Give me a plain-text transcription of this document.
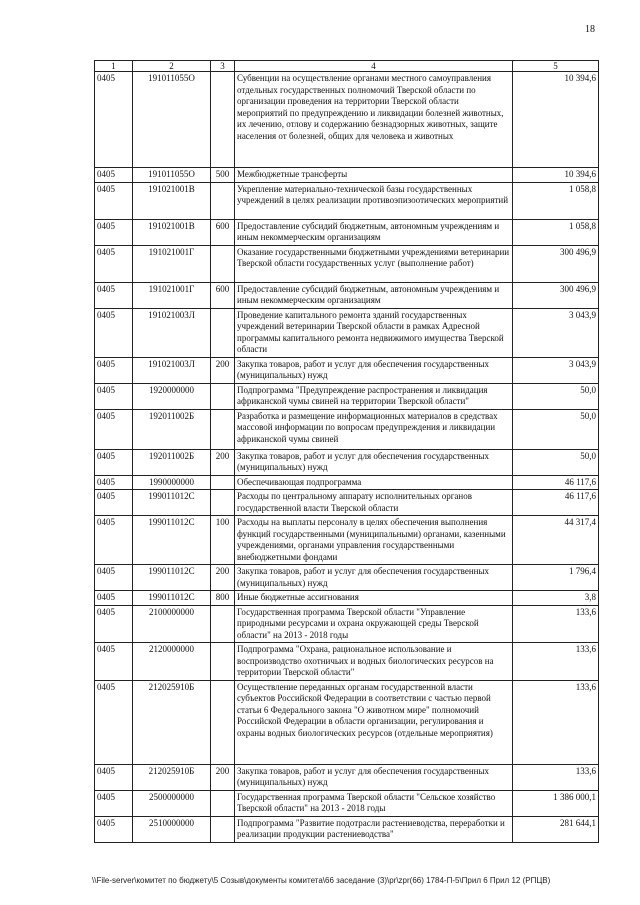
18
1	2	3	4	5
0405	191011055О		Субвенции на осуществление органами местного самоуправления отдельных государственных полномочий Тверской области по организации проведения на территории Тверской области мероприятий по предупреждению и ликвидации болезней животных, их лечению, отлову и содержанию безнадзорных животных, защите населения от болезней, общих для человека и животных	10 394,6
0405	191011055О	500	Межбюджетные трансферты	10 394,6
0405	191021001В		Укрепление материально-технической базы государственных учреждений в целях реализации противоэпизоотических мероприятий	1 058,8
0405	191021001В	600	Предоставление субсидий бюджетным, автономным учреждениям и иным некоммерческим организациям	1 058,8
0405	191021001Г		Оказание государственными бюджетными учреждениями ветеринарии Тверской области государственных услуг (выполнение работ)	300 496,9
0405	191021001Г	600	Предоставление субсидий бюджетным, автономным учреждениям и иным некоммерческим организациям	300 496,9
0405	191021003Л		Проведение капитального ремонта зданий государственных учреждений ветеринарии Тверской области в рамках Адресной программы капитального ремонта недвижимого имущества Тверской области	3 043,9
0405	191021003Л	200	Закупка товаров, работ и услуг для обеспечения государственных (муниципальных) нужд	3 043,9
0405	1920000000		Подпрограмма "Предупреждение распространения и ликвидация африканской чумы свиней на территории Тверской области"	50,0
0405	192011002Б		Разработка и размещение информационных материалов в средствах массовой информации по вопросам предупреждения и ликвидации африканской чумы свиней	50,0
0405	192011002Б	200	Закупка товаров, работ и услуг для обеспечения государственных (муниципальных) нужд	50,0
0405	1990000000		Обеспечивающая подпрограмма	46 117,6
0405	199011012С		Расходы по центральному аппарату исполнительных органов государственной власти Тверской области	46 117,6
0405	199011012С	100	Расходы на выплаты персоналу в целях обеспечения выполнения функций государственными (муниципальными) органами, казенными учреждениями, органами управления государственными внебюджетными фондами	44 317,4
0405	199011012С	200	Закупка товаров, работ и услуг для обеспечения государственных (муниципальных) нужд	1 796,4
0405	199011012С	800	Иные бюджетные ассигнования	3,8
0405	2100000000		Государственная программа Тверской области "Управление природными ресурсами и охрана окружающей среды Тверской области" на 2013 - 2018 годы	133,6
0405	2120000000		Подпрограмма "Охрана, рациональное использование и воспроизводство охотничьих и водных биологических ресурсов на территории Тверской области"	133,6
0405	212025910Б		Осуществление переданных органам государственной власти субъектов Российской Федерации в соответствии с частью первой статьи 6 Федерального закона "О животном мире" полномочий Российской Федерации в области организации, регулирования и охраны водных биологических ресурсов (отдельные мероприятия)	133,6
0405	212025910Б	200	Закупка товаров, работ и услуг для обеспечения государственных (муниципальных) нужд	133,6
0405	2500000000		Государственная программа Тверской области "Сельское хозяйство Тверской области" на 2013 - 2018 годы	1 386 000,1
0405	2510000000		Подпрограмма "Развитие подотрасли растениеводства, переработки и реализации продукции растениеводства"	281 644,1
\\File-server\комитет по бюджету\5 Созыв\документы комитета\66 заседание (3)\pr\zpr(66) 1784-П-5\Прил 6 Прил 12 (РПЦВ)
